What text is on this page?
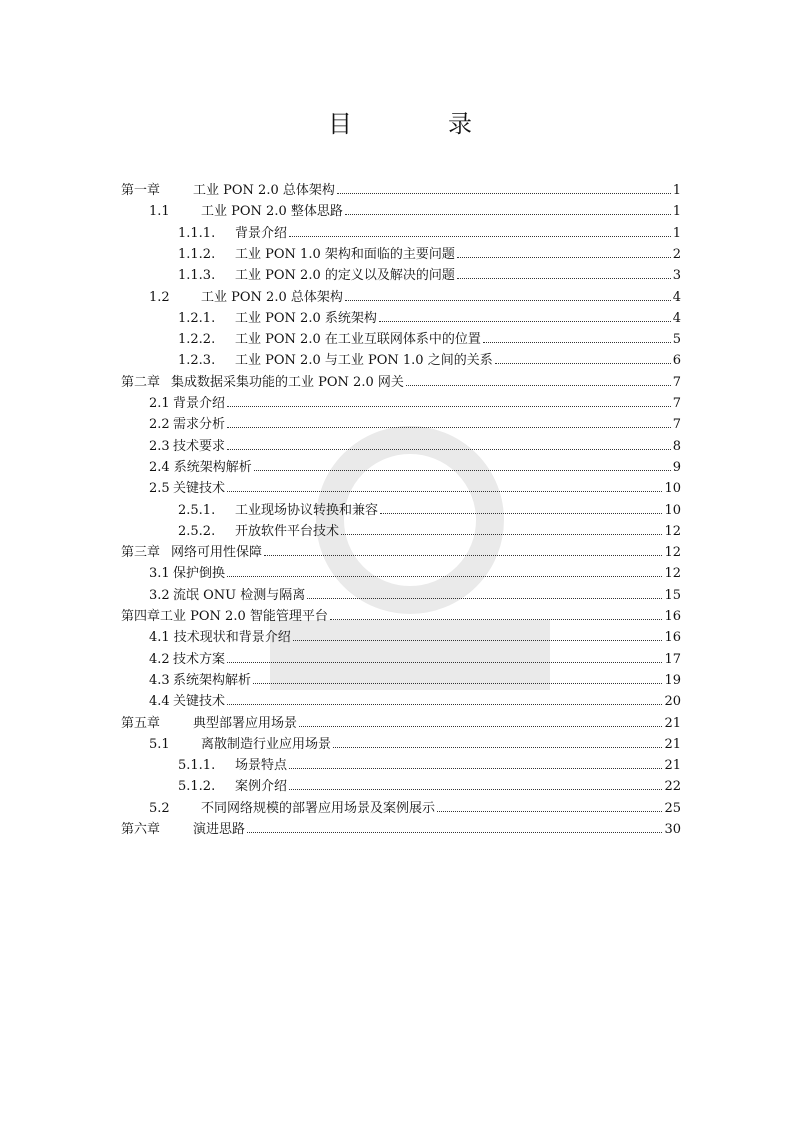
目　录
第一章	工业 PON 2.0 总体架构	1
1.1	工业 PON 2.0 整体思路	1
1.1.1.	背景介绍	1
1.1.2.	工业 PON 1.0 架构和面临的主要问题	2
1.1.3.	工业 PON 2.0 的定义以及解决的问题	3
1.2	工业 PON 2.0 总体架构	4
1.2.1.	工业 PON 2.0 系统架构	4
1.2.2.	工业 PON 2.0 在工业互联网体系中的位置	5
1.2.3.	工业 PON 2.0 与工业 PON 1.0 之间的关系	6
第二章 集成数据采集功能的工业 PON 2.0 网关	7
2.1 背景介绍	7
2.2 需求分析	7
2.3 技术要求	8
2.4 系统架构解析	9
2.5 关键技术	10
2.5.1.	工业现场协议转换和兼容	10
2.5.2.	开放软件平台技术	12
第三章 网络可用性保障	12
3.1 保护倒换	12
3.2 流氓 ONU 检测与隔离	15
第四章工业 PON 2.0 智能管理平台	16
4.1 技术现状和背景介绍	16
4.2 技术方案	17
4.3 系统架构解析	19
4.4 关键技术	20
第五章	典型部署应用场景	21
5.1	离散制造行业应用场景	21
5.1.1.	场景特点	21
5.1.2.	案例介绍	22
5.2	不同网络规模的部署应用场景及案例展示	25
第六章	演进思路	30
